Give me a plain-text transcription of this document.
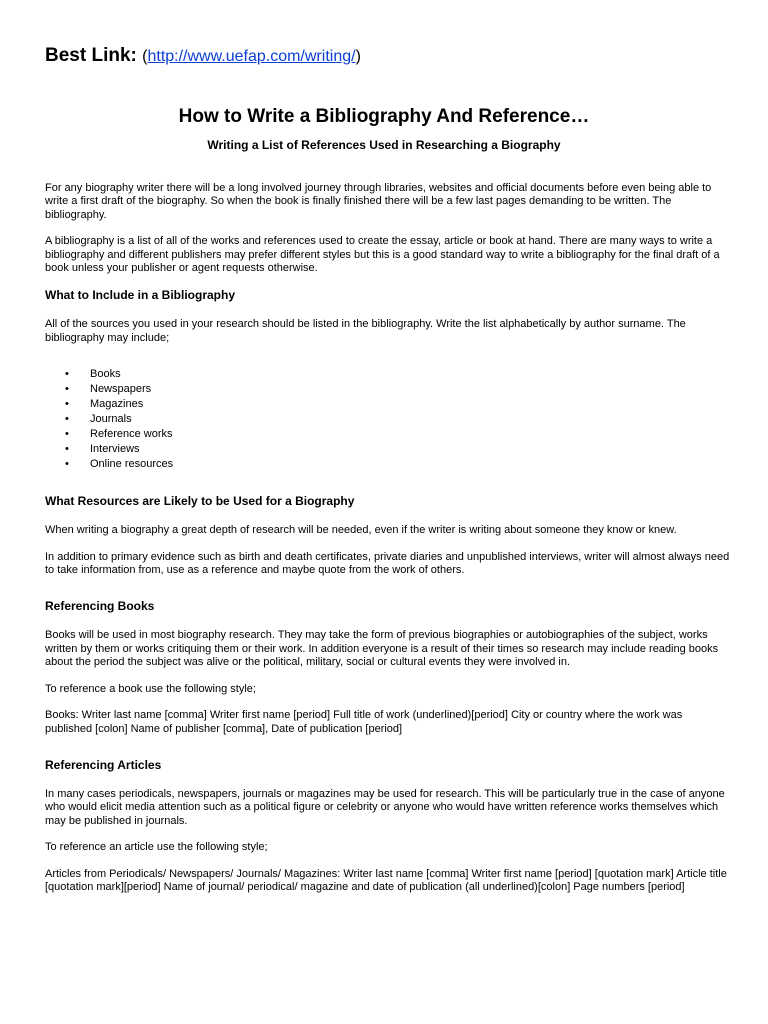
Best Link: (http://www.uefap.com/writing/)
How to Write a Bibliography And Reference…
Writing a List of References Used in Researching a Biography

For any biography writer there will be a long involved journey through libraries, websites and official documents before even being able to write a first draft of the biography. So when the book is finally finished there will be a few last pages demanding to be written. The bibliography.

A bibliography is a list of all of the works and references used to create the essay, article or book at hand. There are many ways to write a bibliography and different publishers may prefer different styles but this is a good standard way to write a bibliography for the final draft of a book unless your publisher or agent requests otherwise.

What to Include in a Bibliography

All of the sources you used in your research should be listed in the bibliography. Write the list alphabetically by author surname. The bibliography may include;

• Books
• Newspapers
• Magazines
• Journals
• Reference works
• Interviews
• Online resources
What Resources are Likely to be Used for a Biography

When writing a biography a great depth of research will be needed, even if the writer is writing about someone they know or knew.

In addition to primary evidence such as birth and death certificates, private diaries and unpublished interviews, writer will almost always need to take information from, use as a reference and maybe quote from the work of others.

Referencing Books

Books will be used in most biography research. They may take the form of previous biographies or autobiographies of the subject, works written by them or works critiquing them or their work. In addition everyone is a result of their times so research may include reading books about the period the subject was alive or the political, military, social or cultural events they were involved in.

To reference a book use the following style;

Books: Writer last name [comma] Writer first name [period] Full title of work (underlined)[period] City or country where the work was published [colon] Name of publisher [comma], Date of publication [period]

Referencing Articles

In many cases periodicals, newspapers, journals or magazines may be used for research. This will be particularly true in the case of anyone who would elicit media attention such as a political figure or celebrity or anyone who would have written reference works themselves which may be published in journals.

To reference an article use the following style;

Articles from Periodicals/ Newspapers/ Journals/ Magazines: Writer last name [comma] Writer first name [period] [quotation mark] Article title [quotation mark][period] Name of journal/ periodical/ magazine and date of publication (all underlined)[colon] Page numbers [period]
